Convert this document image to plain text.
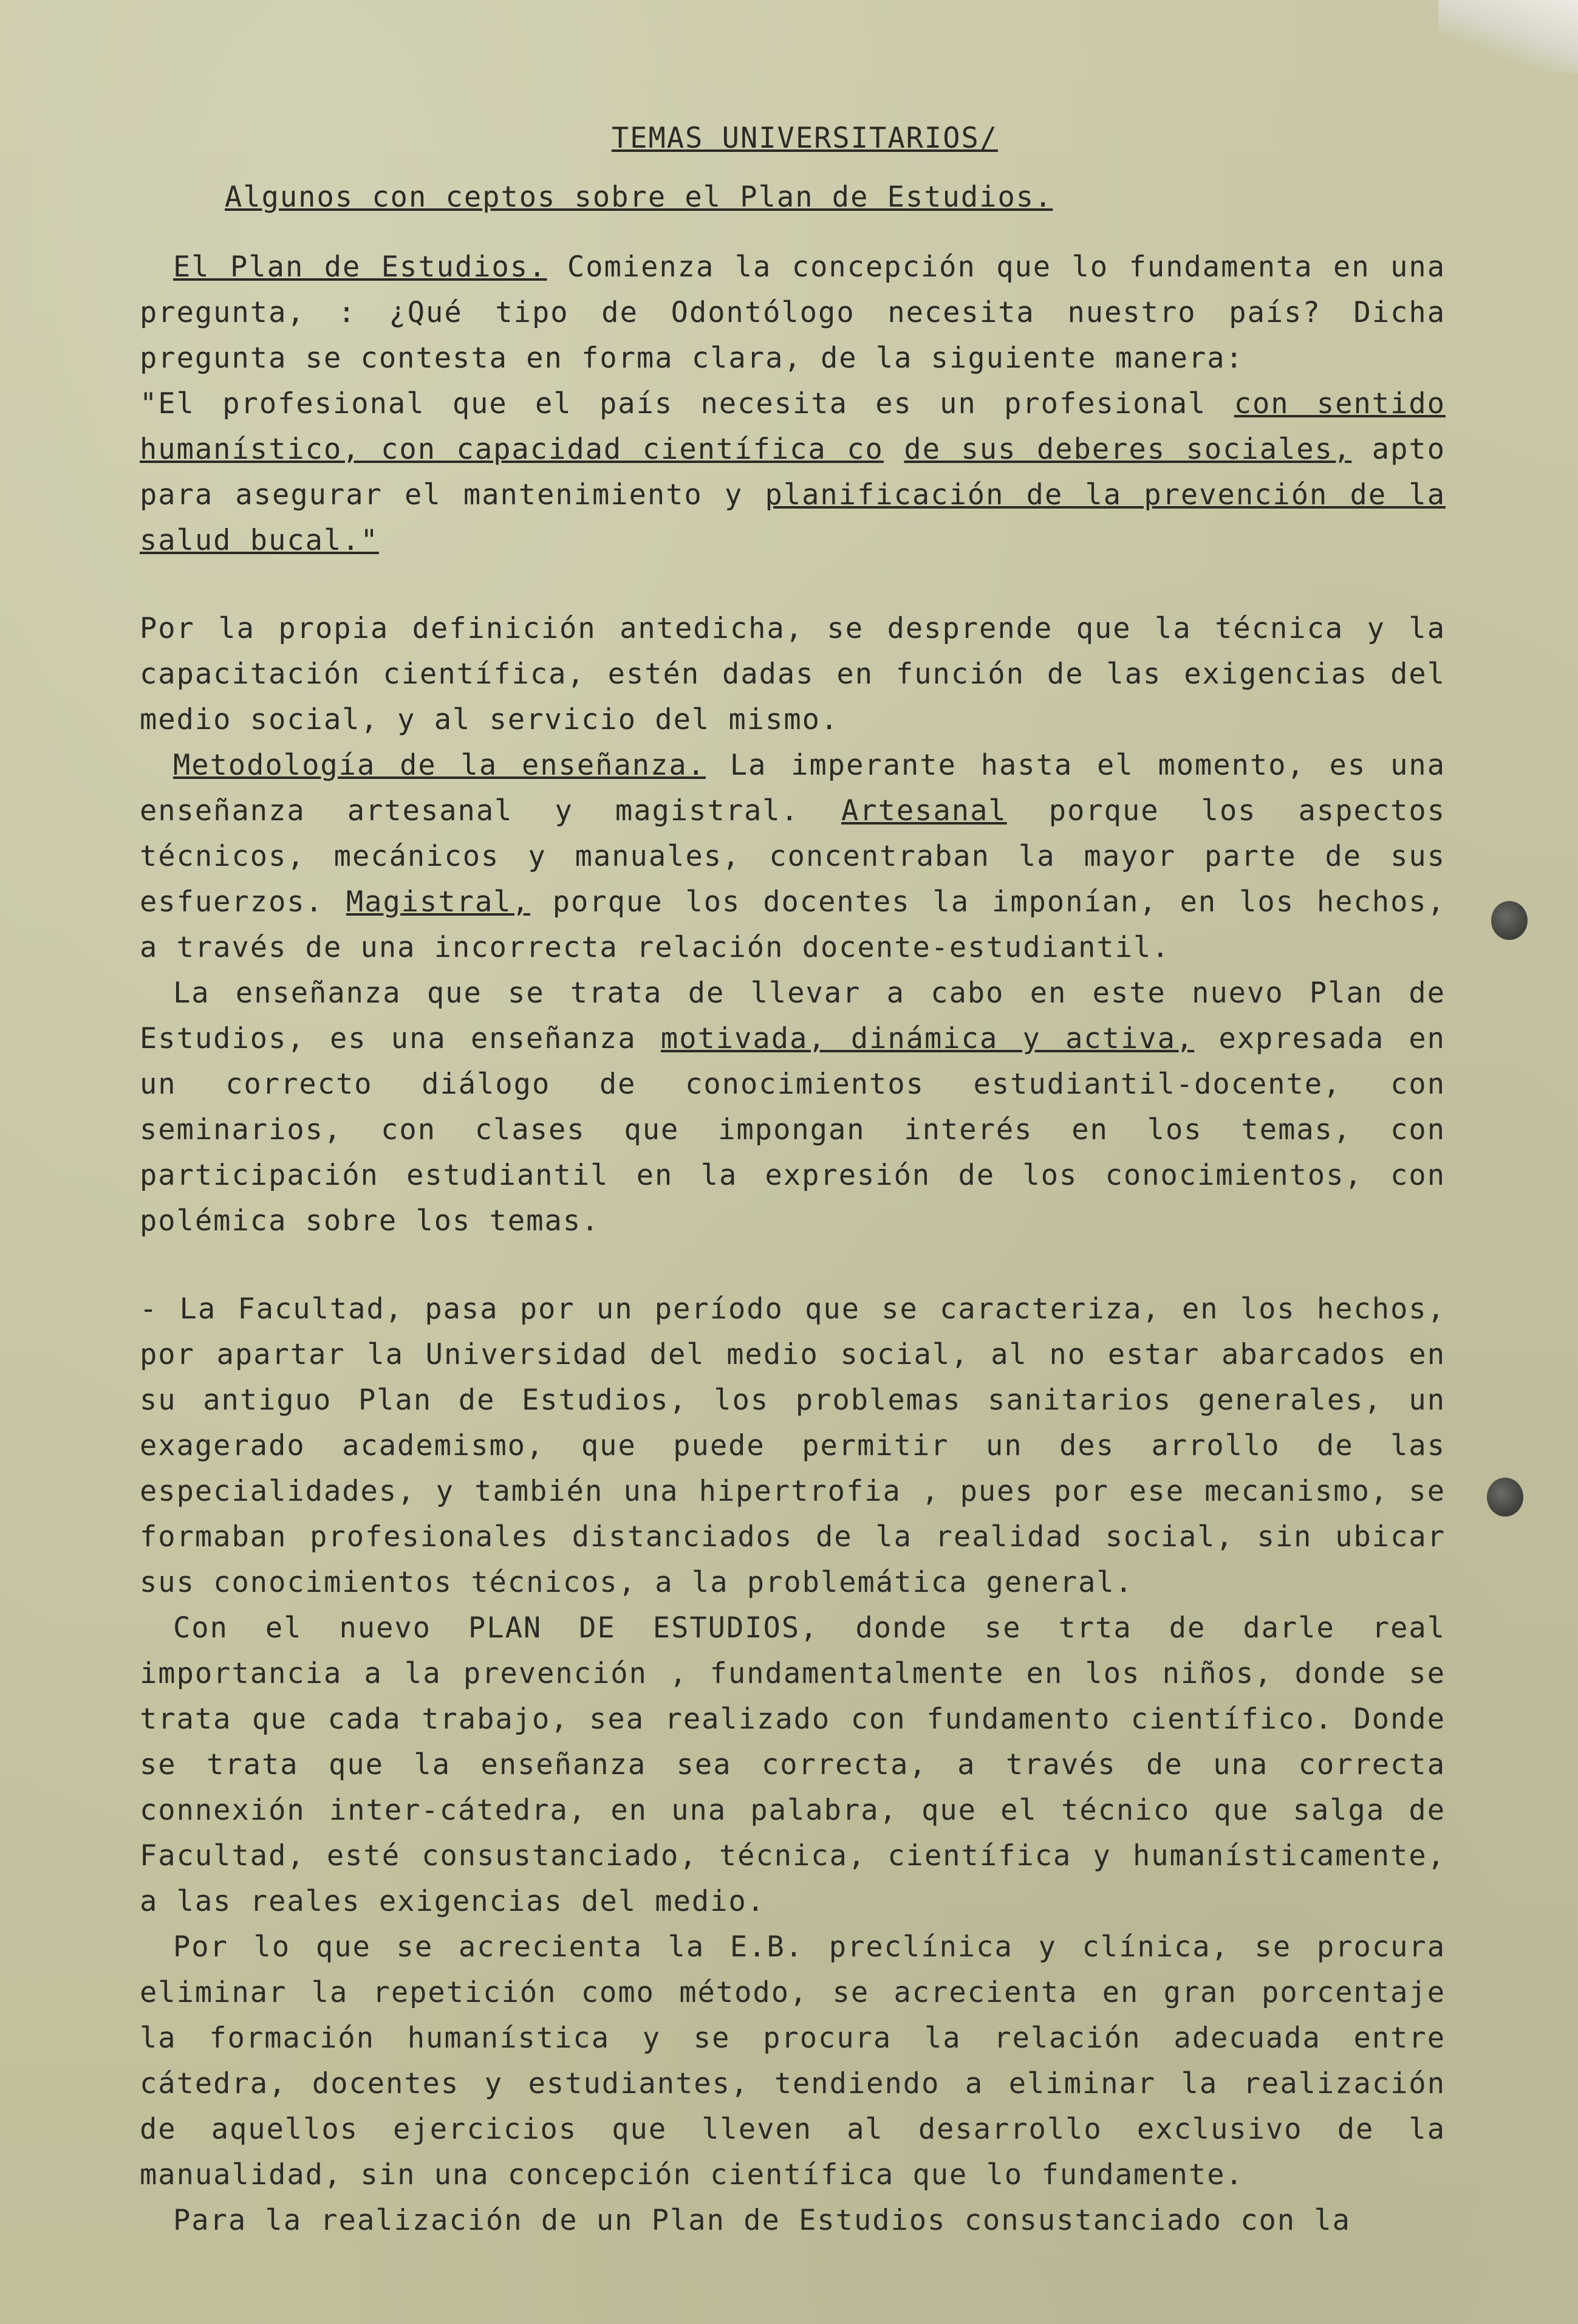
TEMAS UNIVERSITARIOS/
Algunos con ceptos sobre el Plan de Estudios.

El Plan de Estudios. Comienza la concepción que lo fundamenta en una pregunta, : ¿Qué tipo de Odontólogo necesita nuestro país? Dicha pregunta se contesta en forma clara, de la siguiente manera:

"El profesional que el país necesita es un profesional con sentido humanístico, con capacidad científica co de sus deberes sociales, apto para asegurar el mantenimiento y planificación de la prevención de la salud bucal."

Por la propia definición antedicha, se desprende que la técnica y la capacitación científica, estén dadas en función de las exigencias del medio social, y al servicio del mismo.

Metodología de la enseñanza. La imperante hasta el momento, es una enseñanza artesanal y magistral. Artesanal porque los aspectos técnicos, mecánicos y manuales, concentraban la mayor parte de sus esfuerzos. Magistral, porque los docentes la imponían, en los hechos, a través de una incorrecta relación docente-estudiantil.

La enseñanza que se trata de llevar a cabo en este nuevo Plan de Estudios, es una enseñanza motivada, dinámica y activa, expresada en un correcto diálogo de conocimientos estudiantil-docente, con seminarios, con clases que impongan interés en los temas, con participación estudiantil en la expresión de los conocimientos, con polémica sobre los temas.

- La Facultad, pasa por un período que se caracteriza, en los hechos, por apartar la Universidad del medio social, al no estar abarcados en su antiguo Plan de Estudios, los problemas sanitarios generales, un exagerado academismo, que puede permitir un des arrollo de las especialidades, y también una hipertrofia , pues por ese mecanismo, se formaban profesionales distanciados de la realidad social, sin ubicar sus conocimientos técnicos, a la problemática general.

Con el nuevo PLAN DE ESTUDIOS, donde se trta de darle real importancia a la prevención , fundamentalmente en los niños, donde se trata que cada trabajo, sea realizado con fundamento científico. Donde se trata que la enseñanza sea correcta, a través de una correcta connexión inter-cátedra, en una palabra, que el técnico que salga de Facultad, esté consustanciado, técnica, científica y humanísticamente, a las reales exigencias del medio.

Por lo que se acrecienta la E.B. preclínica y clínica, se procura eliminar la repetición como método, se acrecienta en gran porcentaje la formación humanística y se procura la relación adecuada entre cátedra, docentes y estudiantes, tendiendo a eliminar la realización de aquellos ejercicios que lleven al desarrollo exclusivo de la manualidad, sin una concepción científica que lo fundamente.

Para la realización de un Plan de Estudios consustanciado con la
